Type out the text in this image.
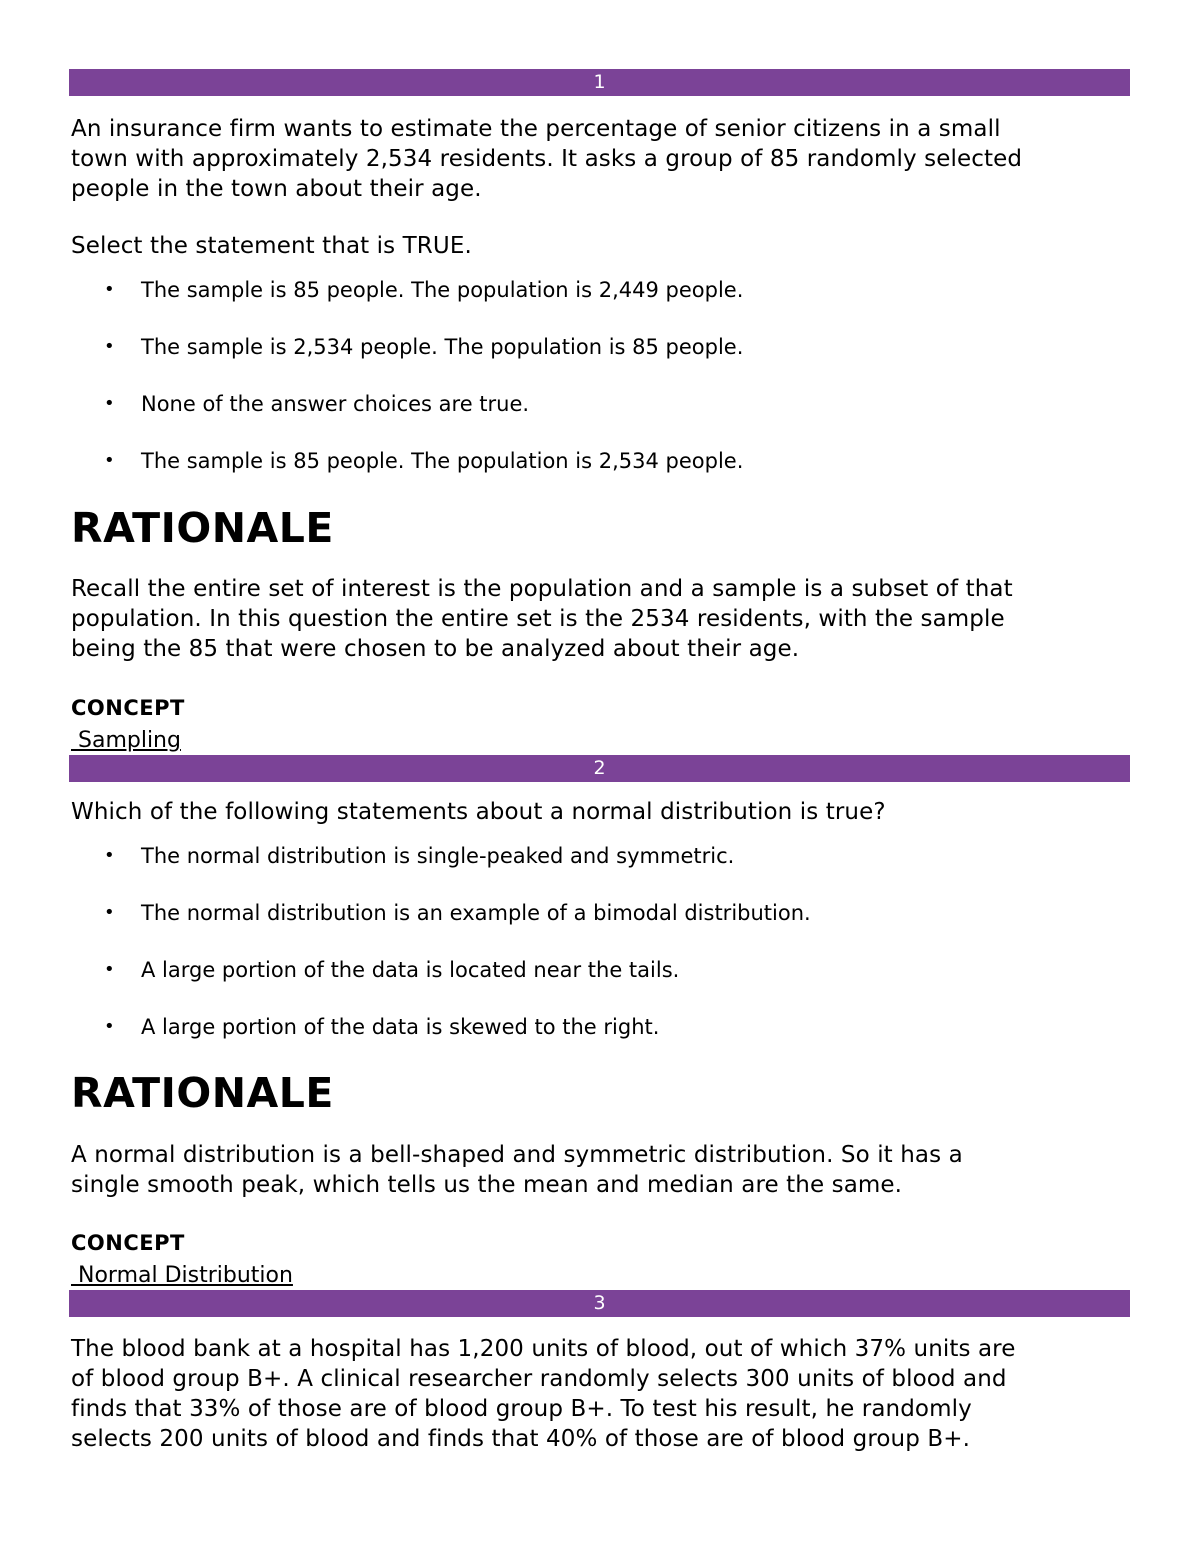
1

An insurance firm wants to estimate the percentage of senior citizens in a small
town with approximately 2,534 residents. It asks a group of 85 randomly selected
people in the town about their age.

Select the statement that is TRUE.

• The sample is 85 people. The population is 2,449 people.
• The sample is 2,534 people. The population is 85 people.
• None of the answer choices are true.
• The sample is 85 people. The population is 2,534 people.
RATIONALE

Recall the entire set of interest is the population and a sample is a subset of that
population. In this question the entire set is the 2534 residents, with the sample
being the 85 that were chosen to be analyzed about their age.

CONCEPT

Sampling

2

Which of the following statements about a normal distribution is true?

• The normal distribution is single-peaked and symmetric.
• The normal distribution is an example of a bimodal distribution.
• A large portion of the data is located near the tails.
• A large portion of the data is skewed to the right.
RATIONALE

A normal distribution is a bell-shaped and symmetric distribution. So it has a
single smooth peak, which tells us the mean and median are the same.

CONCEPT

Normal Distribution

3

The blood bank at a hospital has 1,200 units of blood, out of which 37% units are
of blood group B+. A clinical researcher randomly selects 300 units of blood and
finds that 33% of those are of blood group B+. To test his result, he randomly
selects 200 units of blood and finds that 40% of those are of blood group B+.
